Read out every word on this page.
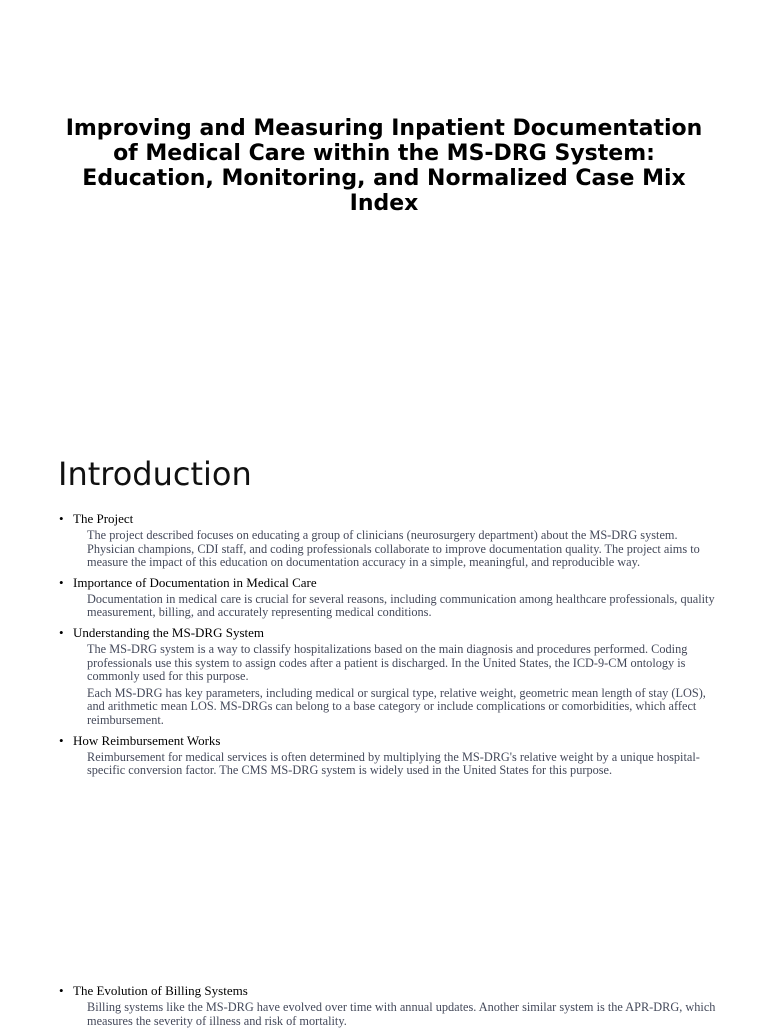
Improving and Measuring Inpatient Documentation of Medical Care within the MS-DRG System: Education, Monitoring, and Normalized Case Mix Index
Introduction
• The Project

The project described focuses on educating a group of clinicians (neurosurgery department) about the MS-DRG system. Physician champions, CDI staff, and coding professionals collaborate to improve documentation quality. The project aims to measure the impact of this education on documentation accuracy in a simple, meaningful, and reproducible way.

• Importance of Documentation in Medical Care

Documentation in medical care is crucial for several reasons, including communication among healthcare professionals, quality measurement, billing, and accurately representing medical conditions.

• Understanding the MS-DRG System

The MS-DRG system is a way to classify hospitalizations based on the main diagnosis and procedures performed. Coding professionals use this system to assign codes after a patient is discharged. In the United States, the ICD-9-CM ontology is commonly used for this purpose.

Each MS-DRG has key parameters, including medical or surgical type, relative weight, geometric mean length of stay (LOS), and arithmetic mean LOS. MS-DRGs can belong to a base category or include complications or comorbidities, which affect reimbursement.

• How Reimbursement Works

Reimbursement for medical services is often determined by multiplying the MS-DRG's relative weight by a unique hospital-specific conversion factor. The CMS MS-DRG system is widely used in the United States for this purpose.

• The Evolution of Billing Systems

Billing systems like the MS-DRG have evolved over time with annual updates. Another similar system is the APR-DRG, which measures the severity of illness and risk of mortality.
